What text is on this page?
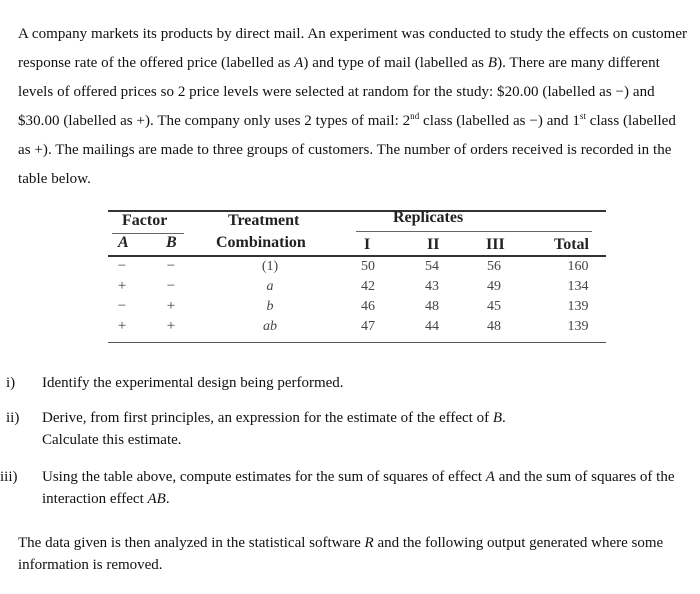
A company markets its products by direct mail. An experiment was conducted to study the effects on customer response rate of the offered price (labelled as A) and type of mail (labelled as B). There are many different levels of offered prices so 2 price levels were selected at random for the study: $20.00 (labelled as −) and $30.00 (labelled as +). The company only uses 2 types of mail: 2nd class (labelled as −) and 1st class (labelled as +). The mailings are made to three groups of customers. The number of orders received is recorded in the table below.

Factor	Treatment	Replicates
A B Combination	I	II	III	Total
−	−	(1)	50	54	56	160
+	−	a	42	43	49	134
−	+	b	46	48	45	139
+	+	ab	47	44	48	139
i) Identify the experimental design being performed.
ii) Derive, from first principles, an expression for the estimate of the effect of B.
Calculate this estimate.
iii) Using the table above, compute estimates for the sum of squares of effect A and the sum of squares of the interaction effect AB.
The data given is then analyzed in the statistical software R and the following output generated where some information is removed.
